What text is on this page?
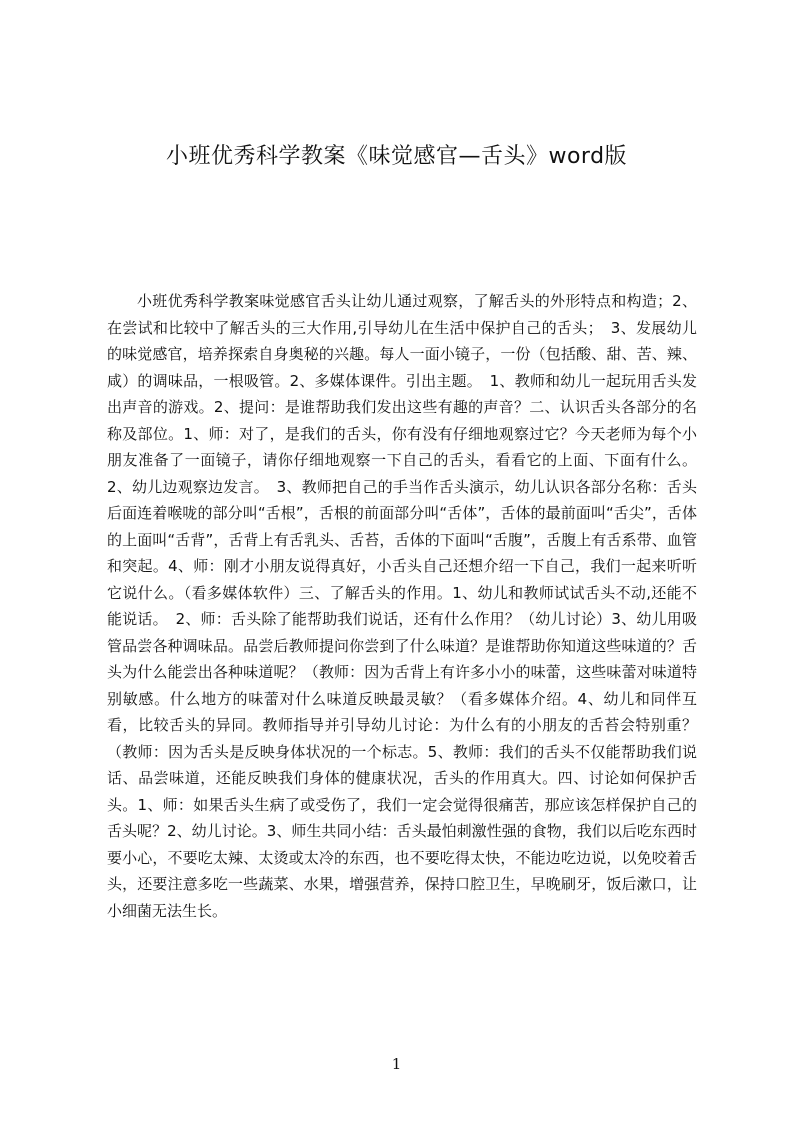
小班优秀科学教案《味觉感官—舌头》word版

小班优秀科学教案味觉感官舌头让幼儿通过观察，了解舌头的外形特点和构造；2、在尝试和比较中了解舌头的三大作用,引导幼儿在生活中保护自己的舌头；　3、发展幼儿的味觉感官，培养探索自身奥秘的兴趣。每人一面小镜子，一份（包括酸、甜、苦、辣、咸）的调味品，一根吸管。2、多媒体课件。引出主题。　1、教师和幼儿一起玩用舌头发出声音的游戏。2、提问：是谁帮助我们发出这些有趣的声音？二、认识舌头各部分的名称及部位。1、师：对了，是我们的舌头，你有没有仔细地观察过它？今天老师为每个小朋友准备了一面镜子，请你仔细地观察一下自己的舌头，看看它的上面、下面有什么。2、幼儿边观察边发言。　3、教师把自己的手当作舌头演示，幼儿认识各部分名称：舌头后面连着喉咙的部分叫“舌根”，舌根的前面部分叫“舌体”，舌体的最前面叫“舌尖”，舌体的上面叫“舌背”，舌背上有舌乳头、舌苔，舌体的下面叫“舌腹”，舌腹上有舌系带、血管和突起。4、师：刚才小朋友说得真好，小舌头自己还想介绍一下自己，我们一起来听听它说什么。（看多媒体软件）三、了解舌头的作用。1、幼儿和教师试试舌头不动,还能不能说话。　2、师：舌头除了能帮助我们说话，还有什么作用？（幼儿讨论）3、幼儿用吸管品尝各种调味品。品尝后教师提问你尝到了什么味道？是谁帮助你知道这些味道的？舌头为什么能尝出各种味道呢？（教师：因为舌背上有许多小小的味蕾，这些味蕾对味道特别敏感。什么地方的味蕾对什么味道反映最灵敏？（看多媒体介绍。4、幼儿和同伴互看，比较舌头的异同。教师指导并引导幼儿讨论：为什么有的小朋友的舌苔会特别重？（教师：因为舌头是反映身体状况的一个标志。5、教师：我们的舌头不仅能帮助我们说话、品尝味道，还能反映我们身体的健康状况，舌头的作用真大。四、讨论如何保护舌头。1、师：如果舌头生病了或受伤了，我们一定会觉得很痛苦，那应该怎样保护自己的舌头呢？2、幼儿讨论。3、师生共同小结：舌头最怕刺激性强的食物，我们以后吃东西时要小心，不要吃太辣、太烫或太冷的东西，也不要吃得太快，不能边吃边说，以免咬着舌头，还要注意多吃一些蔬菜、水果，增强营养，保持口腔卫生，早晚刷牙，饭后漱口，让小细菌无法生长。

1
